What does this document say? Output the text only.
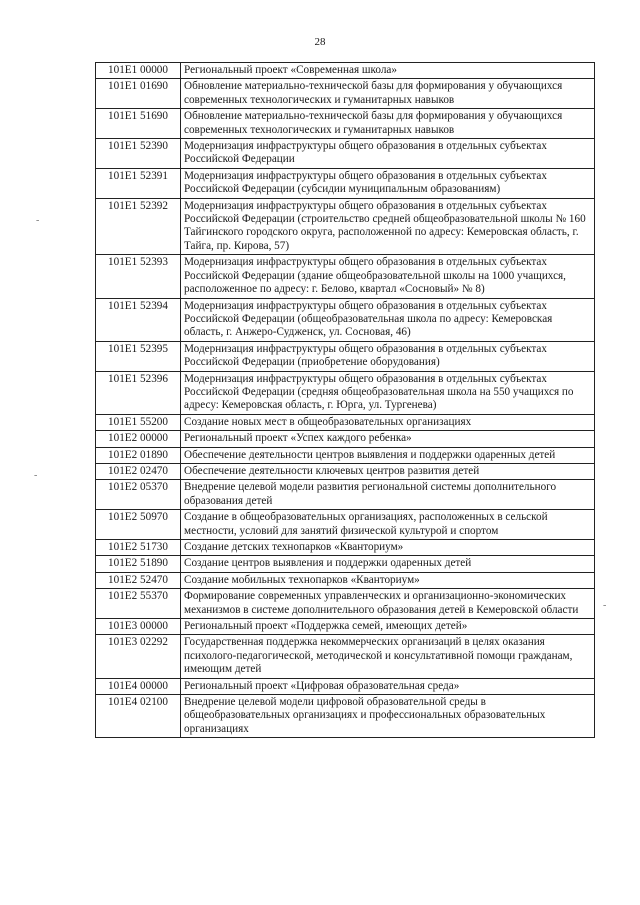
28
101E1 00000	Региональный проект «Современная школа»
101E1 01690	Обновление материально-технической базы для формирования у обучающихся современных технологических и гуманитарных навыков
101E1 51690	Обновление материально-технической базы для формирования у обучающихся современных технологических и гуманитарных навыков
101E1 52390	Модернизация инфраструктуры общего образования в отдельных субъектах Российской Федерации
101E1 52391	Модернизация инфраструктуры общего образования в отдельных субъектах Российской Федерации (субсидии муниципальным образованиям)
101E1 52392	Модернизация инфраструктуры общего образования в отдельных субъектах Российской Федерации (строительство средней общеобразовательной школы № 160 Тайгинского городского округа, расположенной по адресу: Кемеровская область, г. Тайга, пр. Кирова, 57)
101E1 52393	Модернизация инфраструктуры общего образования в отдельных субъектах Российской Федерации (здание общеобразовательной школы на 1000 учащихся, расположенное по адресу: г. Белово, квартал «Сосновый» № 8)
101E1 52394	Модернизация инфраструктуры общего образования в отдельных субъектах Российской Федерации (общеобразовательная школа по адресу: Кемеровская область, г. Анжеро-Судженск, ул. Сосновая, 46)
101E1 52395	Модернизация инфраструктуры общего образования в отдельных субъектах Российской Федерации (приобретение оборудования)
101E1 52396	Модернизация инфраструктуры общего образования в отдельных субъектах Российской Федерации (средняя общеобразовательная школа на 550 учащихся по адресу: Кемеровская область, г. Юрга, ул. Тургенева)
101E1 55200	Создание новых мест в общеобразовательных организациях
101E2 00000	Региональный проект «Успех каждого ребенка»
101E2 01890	Обеспечение деятельности центров выявления и поддержки одаренных детей
101E2 02470	Обеспечение деятельности ключевых центров развития детей
101E2 05370	Внедрение целевой модели развития региональной системы дополнительного образования детей
101E2 50970	Создание в общеобразовательных организациях, расположенных в сельской местности, условий для занятий физической культурой и спортом
101E2 51730	Создание детских технопарков «Кванториум»
101E2 51890	Создание центров выявления и поддержки одаренных детей
101E2 52470	Создание мобильных технопарков «Кванториум»
101E2 55370	Формирование современных управленческих и организационно-экономических механизмов в системе дополнительного образования детей в Кемеровской области
101E3 00000	Региональный проект «Поддержка семей, имеющих детей»
101E3 02292	Государственная поддержка некоммерческих организаций в целях оказания психолого-педагогической, методической и консультативной помощи гражданам, имеющим детей
101E4 00000	Региональный проект «Цифровая образовательная среда»
101E4 02100	Внедрение целевой модели цифровой образовательной среды в общеобразовательных организациях и профессиональных образовательных организациях
-
-
-
